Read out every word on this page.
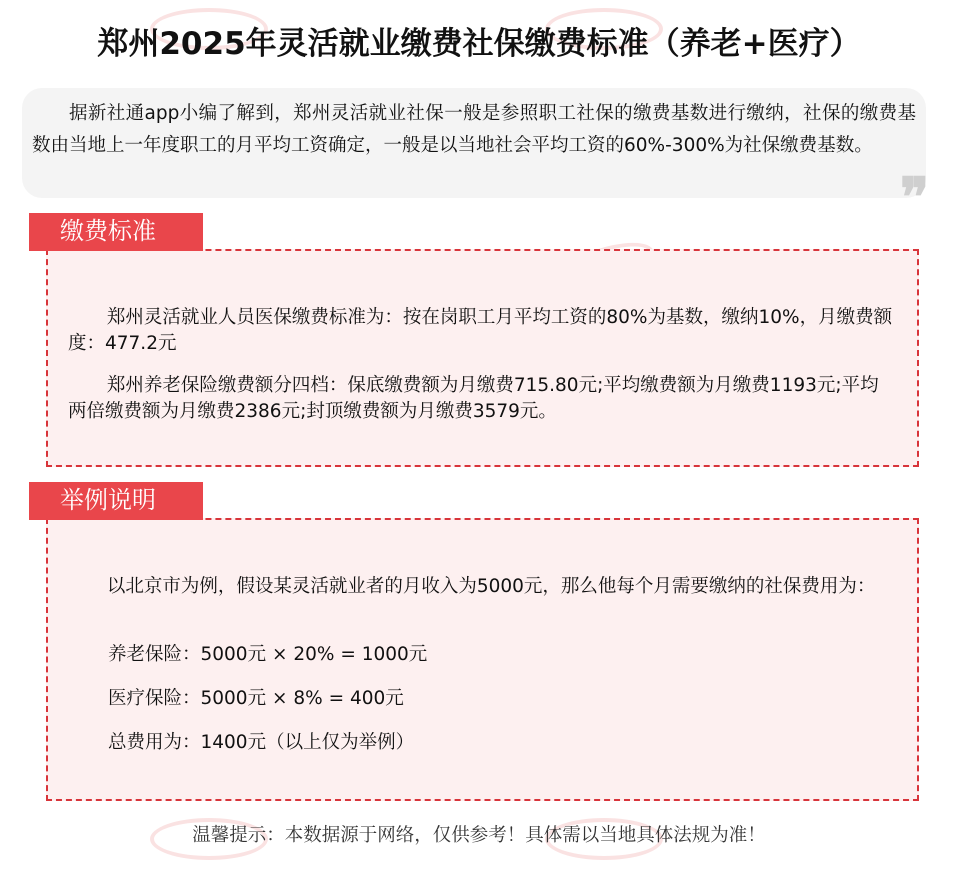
郑州2025年灵活就业缴费社保缴费标准（养老+医疗）
据新社通app小编了解到，郑州灵活就业社保一般是参照职工社保的缴费基数进行缴纳，社保的缴费基数由当地上一年度职工的月平均工资确定，一般是以当地社会平均工资的60%-300%为社保缴费基数。
❞
缴费标准
郑州灵活就业人员医保缴费标准为：按在岗职工月平均工资的80%为基数，缴纳10%，月缴费额度：477.2元
郑州养老保险缴费额分四档：保底缴费额为月缴费715.80元;平均缴费额为月缴费1193元;平均两倍缴费额为月缴费2386元;封顶缴费额为月缴费3579元。
举例说明
以北京市为例，假设某灵活就业者的月收入为5000元，那么他每个月需要缴纳的社保费用为：
养老保险：5000元 × 20% = 1000元
医疗保险：5000元 × 8% = 400元
总费用为：1400元（以上仅为举例）
温馨提示：本数据源于网络，仅供参考！具体需以当地具体法规为准！
